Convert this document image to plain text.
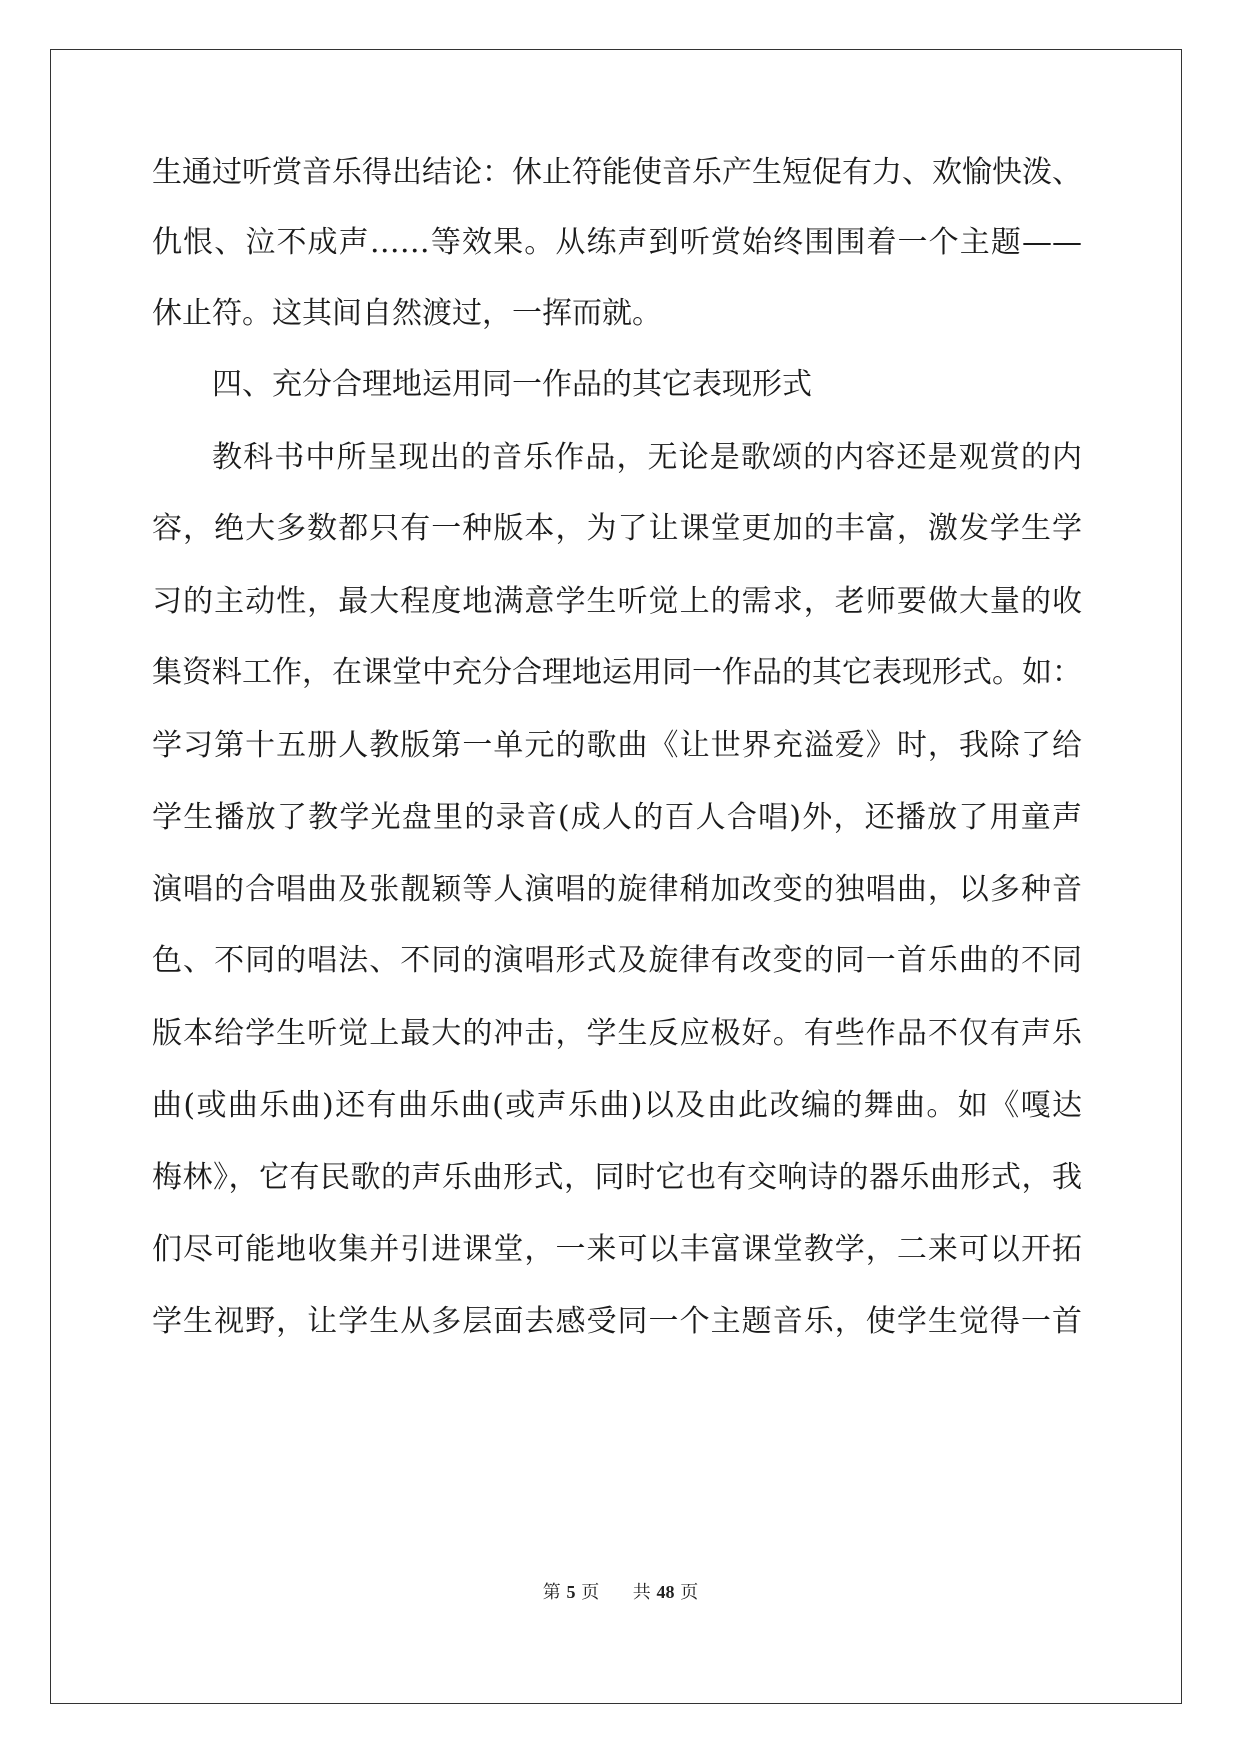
生通过听赏音乐得出结论：休止符能使音乐产生短促有力、欢愉快泼、
仇恨、泣不成声……等效果。从练声到听赏始终围围着一个主题——
休止符。这其间自然渡过，一挥而就。
四、充分合理地运用同一作品的其它表现形式
教科书中所呈现出的音乐作品，无论是歌颂的内容还是观赏的内
容，绝大多数都只有一种版本，为了让课堂更加的丰富，激发学生学
习的主动性，最大程度地满意学生听觉上的需求，老师要做大量的收
集资料工作，在课堂中充分合理地运用同一作品的其它表现形式。如：
学习第十五册人教版第一单元的歌曲《让世界充溢爱》时，我除了给
学生播放了教学光盘里的录音(成人的百人合唱)外，还播放了用童声
演唱的合唱曲及张靓颖等人演唱的旋律稍加改变的独唱曲，以多种音
色、不同的唱法、不同的演唱形式及旋律有改变的同一首乐曲的不同
版本给学生听觉上最大的冲击，学生反应极好。有些作品不仅有声乐
曲(或曲乐曲)还有曲乐曲(或声乐曲)以及由此改编的舞曲。如《嘎达
梅林》，它有民歌的声乐曲形式，同时它也有交响诗的器乐曲形式，我
们尽可能地收集并引进课堂，一来可以丰富课堂教学，二来可以开拓
学生视野，让学生从多层面去感受同一个主题音乐，使学生觉得一首
第 5 页 共 48 页
